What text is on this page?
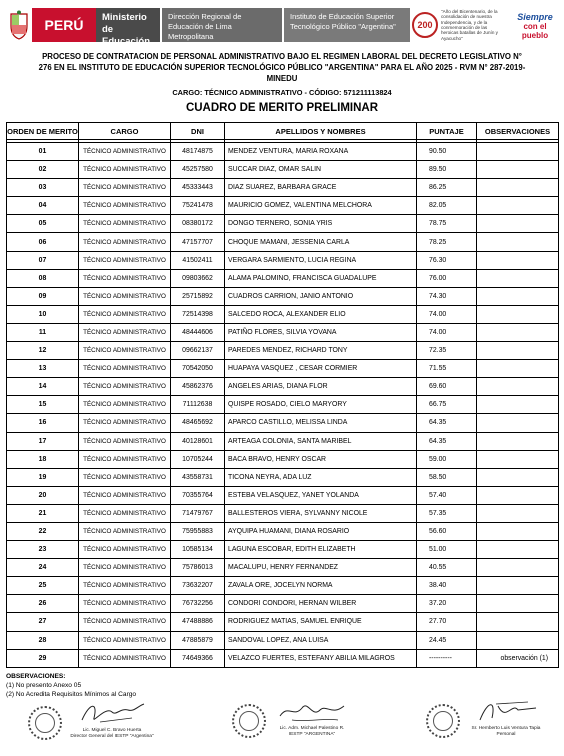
PERÚ	Ministerio de Educación
Dirección Regional de Educación de Lima Metropolitana
Instituto de Educación Superior Tecnológico Público "Argentina"	200
"Año del Bicentenario, de la consolidación de nuestra Independencia, y de la conmemoración de las heroicas batallas de Junín y Ayacucho"
Siempre
con el pueblo
PROCESO DE CONTRATACION DE PERSONAL ADMINISTRATIVO BAJO EL REGIMEN LABORAL DEL DECRETO LEGISLATIVO N°
276 EN EL INSTITUTO DE EDUCACIÓN SUPERIOR TECNOLÓGICO PÚBLICO "ARGENTINA" PARA EL AÑO 2025 - RVM N° 287-2019-
MINEDU
CARGO: TÉCNICO ADMINISTRATIVO - CÓDIGO: 571211113824
CUADRO DE MERITO PRELIMINAR
ORDEN DE MERITO	CARGO	DNI	APELLIDOS Y NOMBRES	PUNTAJE	OBSERVACIONES

01	TÉCNICO ADMINISTRATIVO	48174875	MENDEZ VENTURA, MARIA ROXANA	90.50	
02	TÉCNICO ADMINISTRATIVO	45257580	SUCCAR DIAZ, OMAR SALIN	89.50	
03	TÉCNICO ADMINISTRATIVO	45333443	DIAZ SUAREZ, BARBARA GRACE	86.25	
04	TÉCNICO ADMINISTRATIVO	75241478	MAURICIO GOMEZ, VALENTINA MELCHORA	82.05	
05	TÉCNICO ADMINISTRATIVO	08380172	DONGO TERNERO, SONIA YRIS	78.75	
06	TÉCNICO ADMINISTRATIVO	47157707	CHOQUE MAMANI, JESSENIA CARLA	78.25	
07	TÉCNICO ADMINISTRATIVO	41502411	VERGARA SARMIENTO, LUCIA REGINA	76.30	
08	TÉCNICO ADMINISTRATIVO	09803662	ALAMA PALOMINO, FRANCISCA GUADALUPE	76.00	
09	TÉCNICO ADMINISTRATIVO	25715892	CUADROS CARRION, JANIO ANTONIO	74.30	
10	TÉCNICO ADMINISTRATIVO	72514398	SALCEDO ROCA, ALEXANDER ELIO	74.00	
11	TÉCNICO ADMINISTRATIVO	48444606	PATIÑO FLORES, SILVIA YOVANA	74.00	
12	TÉCNICO ADMINISTRATIVO	09662137	PAREDES MENDEZ, RICHARD TONY	72.35	
13	TÉCNICO ADMINISTRATIVO	70542050	HUAPAYA VASQUEZ , CESAR CORMIER	71.55	
14	TÉCNICO ADMINISTRATIVO	45862376	ANGELES ARIAS, DIANA FLOR	69.60	
15	TÉCNICO ADMINISTRATIVO	71112638	QUISPE ROSADO, CIELO MARYORY	66.75	
16	TÉCNICO ADMINISTRATIVO	48465692	APARCO CASTILLO, MELISSA LINDA	64.35	
17	TÉCNICO ADMINISTRATIVO	40128601	ARTEAGA COLONIA, SANTA MARIBEL	64.35	
18	TÉCNICO ADMINISTRATIVO	10705244	BACA BRAVO, HENRY OSCAR	59.00	
19	TÉCNICO ADMINISTRATIVO	43558731	TICONA NEYRA, ADA LUZ	58.50	
20	TÉCNICO ADMINISTRATIVO	70355764	ESTEBA VELASQUEZ, YANET YOLANDA	57.40	
21	TÉCNICO ADMINISTRATIVO	71479767	BALLESTEROS VIERA, SYLVANNY NICOLE	57.35	
22	TÉCNICO ADMINISTRATIVO	75955883	AYQUIPA HUAMANI, DIANA ROSARIO	56.60	
23	TÉCNICO ADMINISTRATIVO	10585134	LAGUNA ESCOBAR, EDITH ELIZABETH	51.00	
24	TÉCNICO ADMINISTRATIVO	75786013	MACALUPU, HENRY FERNANDEZ	40.55	
25	TÉCNICO ADMINISTRATIVO	73632207	ZAVALA ORE, JOCELYN NORMA	38.40	
26	TÉCNICO ADMINISTRATIVO	76732256	CONDORI CONDORI, HERNAN WILBER	37.20	
27	TÉCNICO ADMINISTRATIVO	47488886	RODRIGUEZ MATIAS, SAMUEL ENRIQUE	27.70	
28	TÉCNICO ADMINISTRATIVO	47885879	SANDOVAL LOPEZ, ANA LUISA	24.45	
29	TÉCNICO ADMINISTRATIVO	74649366	VELAZCO FUERTES, ESTEFANY ABILIA MILAGROS	----------	observación (1)
OBSERVACIONES:
(1) No presento Anexo 05
(2) No Acredita Requisitos Mínimos al Cargo
Lic. Miguel C. Bravo Huerta
Director General del IESTP "Argentina"
Lic. Adm. Michael Palestino R.
IESTP "ARGENTINA"
Sr. Hemberto Luis Ventura Tapia
Personal
